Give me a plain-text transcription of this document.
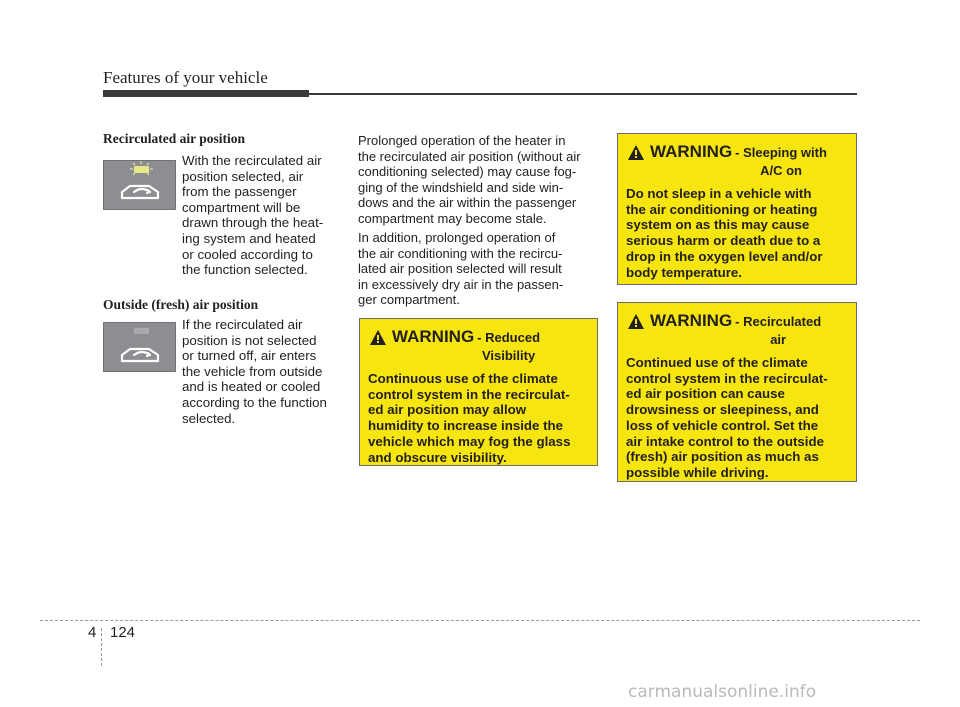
Features of your vehicle
Recirculated air position

With the recirculated air
position selected, air
from the passenger
compartment will be
drawn through the heat-
ing system and heated
or cooled according to
the function selected.

Outside (fresh) air position

If the recirculated air
position is not selected
or turned off, air enters
the vehicle from outside
and is heated or cooled
according to the function
selected.

Prolonged operation of the heater in
the recirculated air position (without air
conditioning selected) may cause fog-
ging of the windshield and side win-
dows and the air within the passenger
compartment may become stale.

In addition, prolonged operation of
the air conditioning with the recircu-
lated air position selected will result
in excessively dry air in the passen-
ger compartment.

WARNING - Reduced
Visibility

Continuous use of the climate
control system in the recirculat-
ed air position may allow
humidity to increase inside the
vehicle which may fog the glass
and obscure visibility.

WARNING - Sleeping with
A/C on

Do not sleep in a vehicle with
the air conditioning or heating
system on as this may cause
serious harm or death due to a
drop in the oxygen level and/or
body temperature.

WARNING - Recirculated
air

Continued use of the climate
control system in the recirculat-
ed air position can cause
drowsiness or sleepiness, and
loss of vehicle control. Set the
air intake control to the outside
(fresh) air position as much as
possible while driving.

4 124
carmanualsonline.info
